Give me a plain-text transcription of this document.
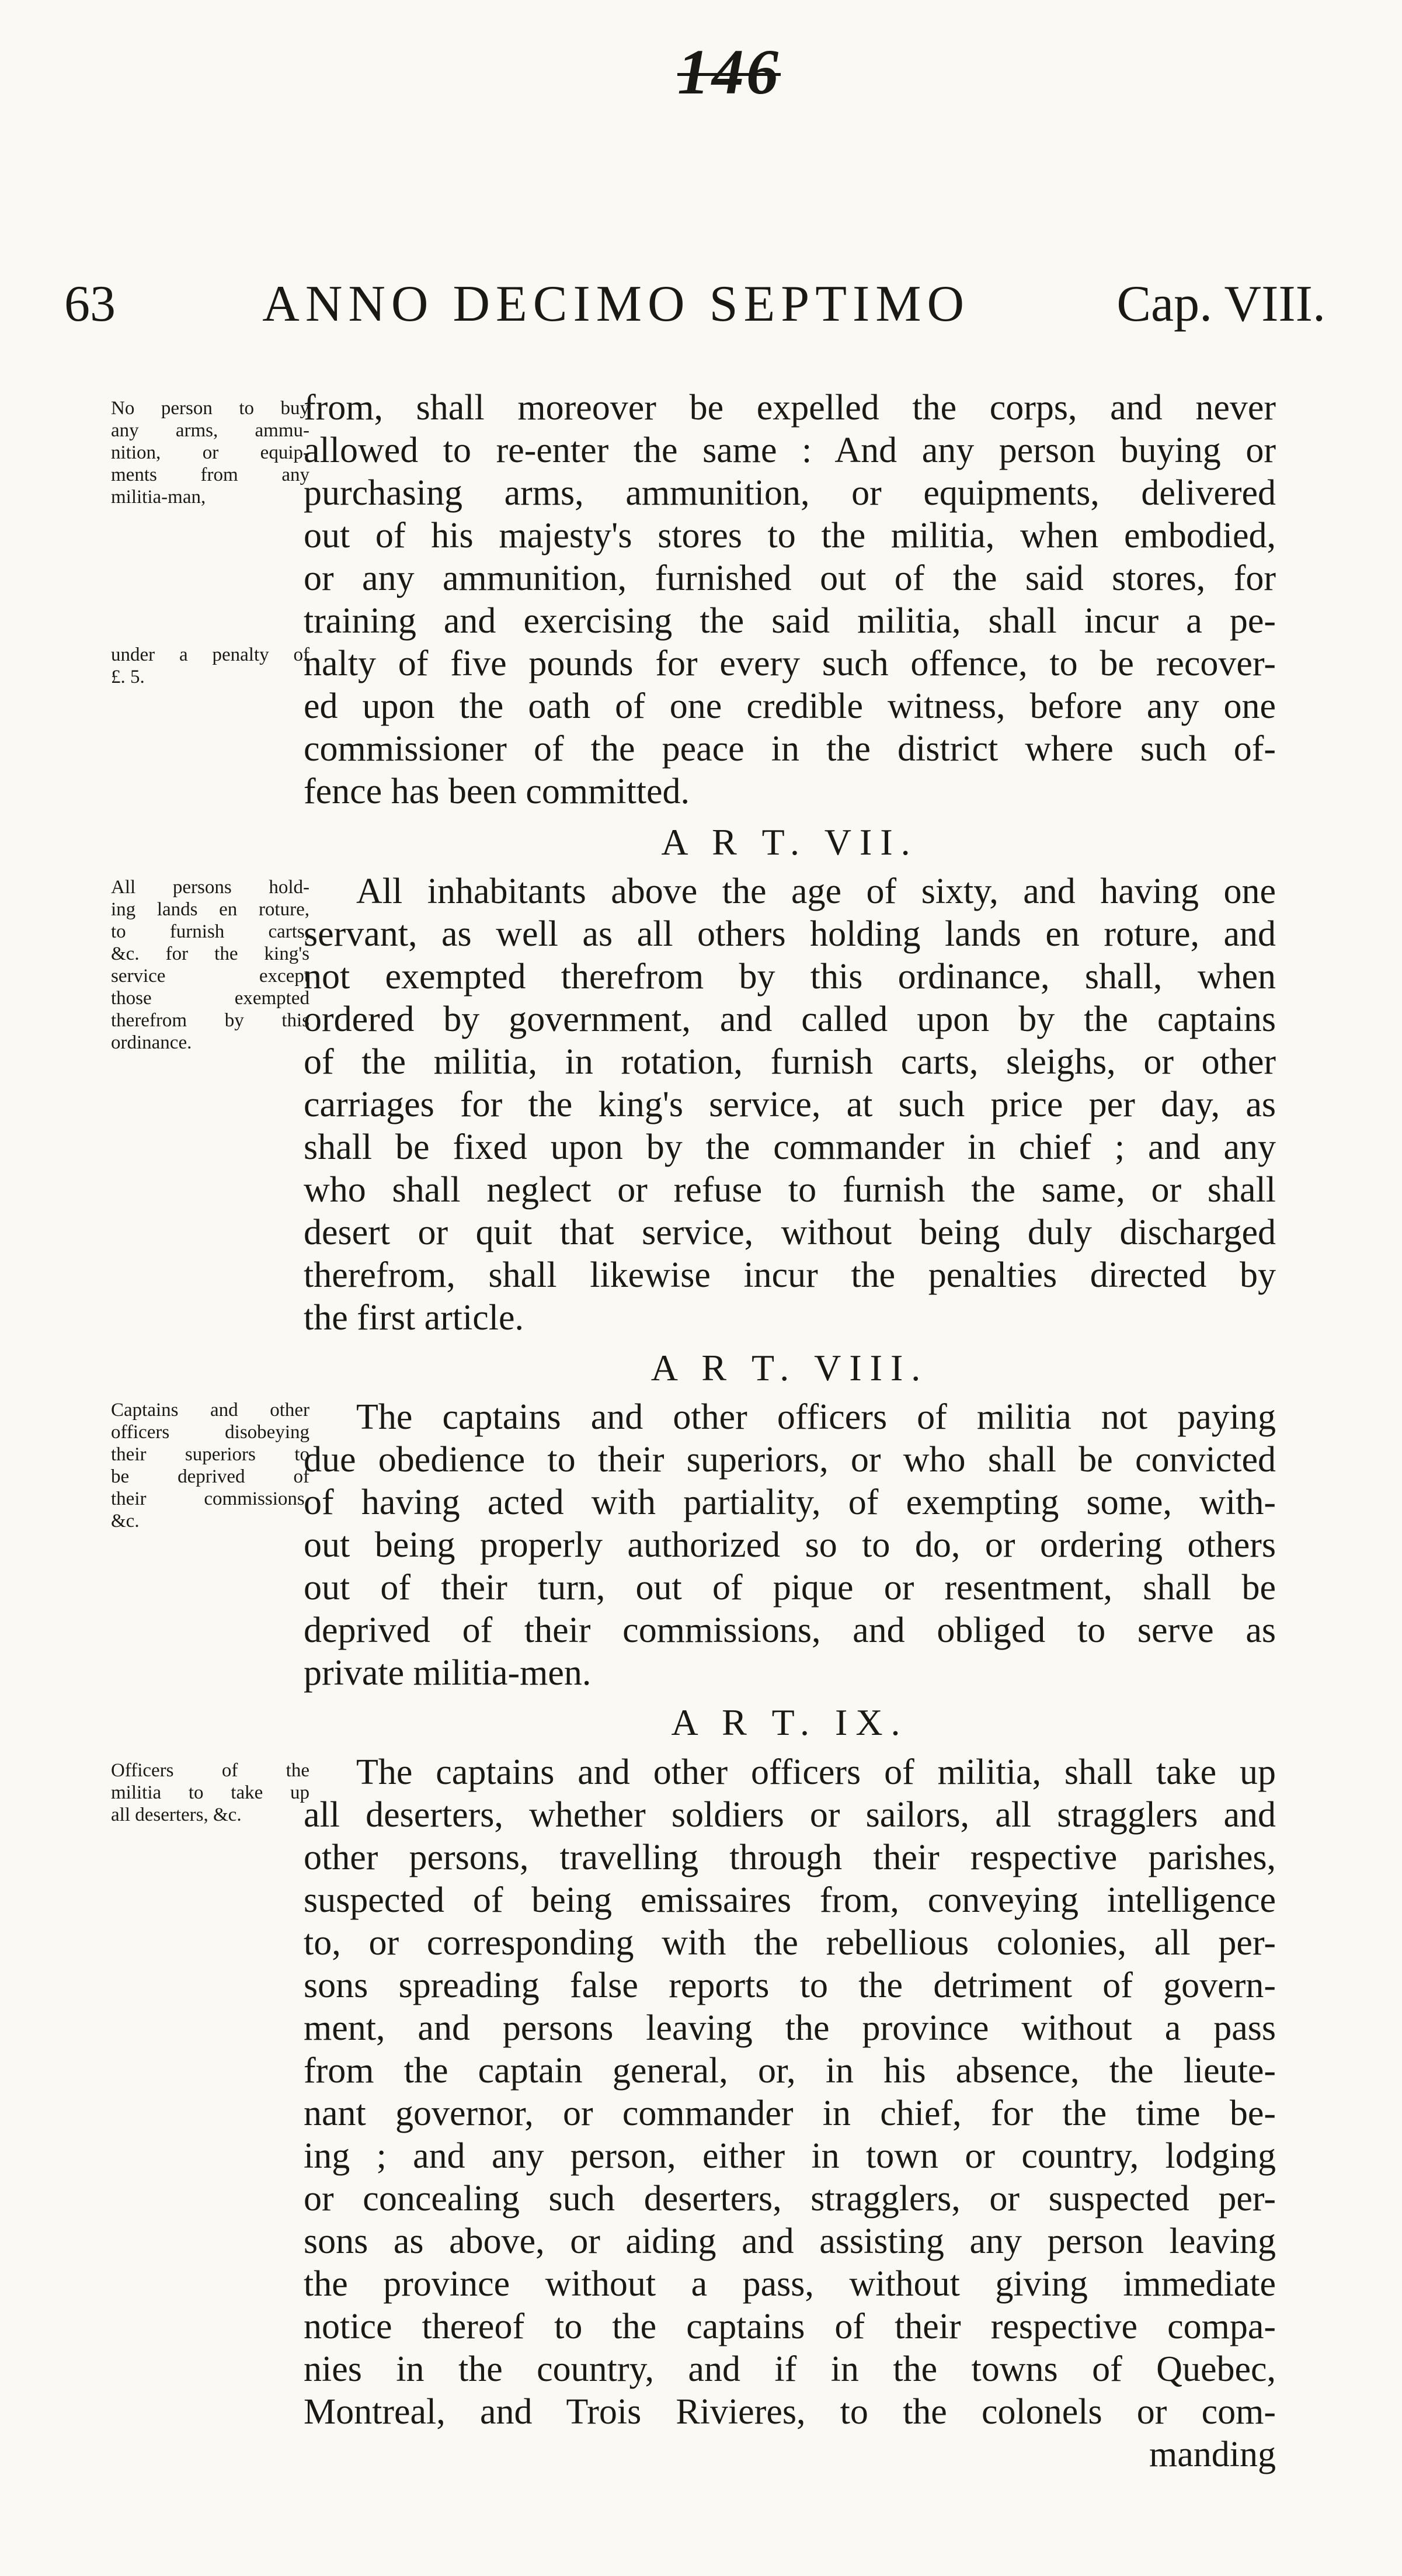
146
63	ANNO DECIMO SEPTIMO	Cap. VIII.
No person to buy
any arms, ammu-
nition, or equip-
ments from any
militia-man,
under a penalty of
£. 5.
All persons hold-
ing lands en roture,
to furnish carts,
&c. for the king's
service except
those exempted
therefrom by this
ordinance.
Captains and other
officers disobeying
their superiors to
be deprived of
their commissions,
&c.
Officers of the
militia to take up
all deserters, &c.
from, shall moreover be expelled the corps, and never
allowed to re-enter the same : And any person buying or
purchasing arms, ammunition, or equipments, delivered
out of his majesty's stores to the militia, when embodied,
or any ammunition, furnished out of the said stores, for
training and exercising the said militia, shall incur a pe-
nalty of five pounds for every such offence, to be recover-
ed upon the oath of one credible witness, before any one
commissioner of the peace in the district where such of-
fence has been committed.
A R T. VII.
All inhabitants above the age of sixty, and having one
servant, as well as all others holding lands en roture, and
not exempted therefrom by this ordinance, shall, when
ordered by government, and called upon by the captains
of the militia, in rotation, furnish carts, sleighs, or other
carriages for the king's service, at such price per day, as
shall be fixed upon by the commander in chief ; and any
who shall neglect or refuse to furnish the same, or shall
desert or quit that service, without being duly discharged
therefrom, shall likewise incur the penalties directed by
the first article.
A R T. VIII.
The captains and other officers of militia not paying
due obedience to their superiors, or who shall be convicted
of having acted with partiality, of exempting some, with-
out being properly authorized so to do, or ordering others
out of their turn, out of pique or resentment, shall be
deprived of their commissions, and obliged to serve as
private militia-men.
A R T. IX.
The captains and other officers of militia, shall take up
all deserters, whether soldiers or sailors, all stragglers and
other persons, travelling through their respective parishes,
suspected of being emissaires from, conveying intelligence
to, or corresponding with the rebellious colonies, all per-
sons spreading false reports to the detriment of govern-
ment, and persons leaving the province without a pass
from the captain general, or, in his absence, the lieute-
nant governor, or commander in chief, for the time be-
ing ; and any person, either in town or country, lodging
or concealing such deserters, stragglers, or suspected per-
sons as above, or aiding and assisting any person leaving
the province without a pass, without giving immediate
notice thereof to the captains of their respective compa-
nies in the country, and if in the towns of Quebec,
Montreal, and Trois Rivieres, to the colonels or com-
manding
